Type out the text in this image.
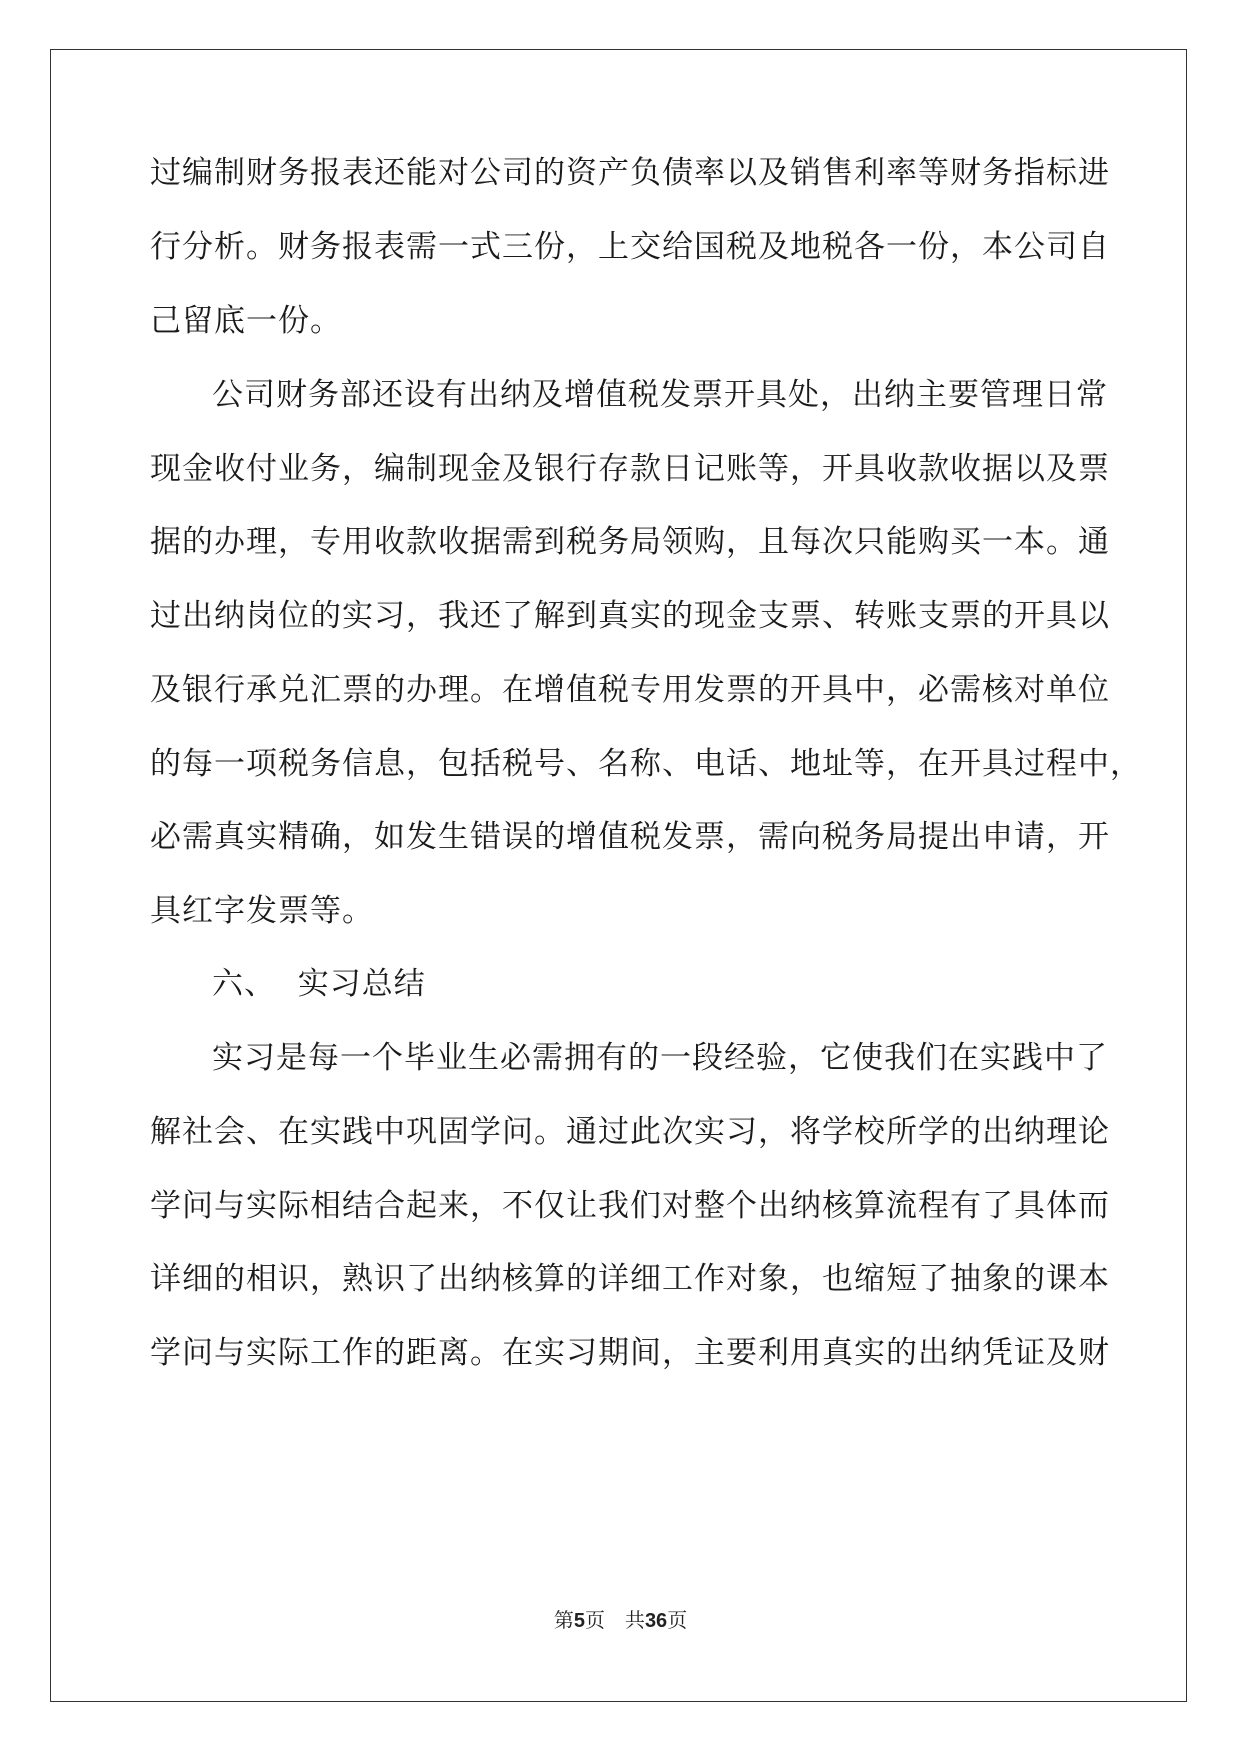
过编制财务报表还能对公司的资产负债率以及销售利率等财务指标进
行分析。财务报表需一式三份，上交给国税及地税各一份，本公司自
己留底一份。
公司财务部还设有出纳及增值税发票开具处，出纳主要管理日常
现金收付业务，编制现金及银行存款日记账等，开具收款收据以及票
据的办理，专用收款收据需到税务局领购，且每次只能购买一本。通
过出纳岗位的实习，我还了解到真实的现金支票、转账支票的开具以
及银行承兑汇票的办理。在增值税专用发票的开具中，必需核对单位
的每一项税务信息，包括税号、名称、电话、地址等，在开具过程中，
必需真实精确，如发生错误的增值税发票，需向税务局提出申请，开
具红字发票等。
六、  实习总结
实习是每一个毕业生必需拥有的一段经验，它使我们在实践中了
解社会、在实践中巩固学问。通过此次实习，将学校所学的出纳理论
学问与实际相结合起来，不仅让我们对整个出纳核算流程有了具体而
详细的相识，熟识了出纳核算的详细工作对象，也缩短了抽象的课本
学问与实际工作的距离。在实习期间，主要利用真实的出纳凭证及财
第5页　共36页
